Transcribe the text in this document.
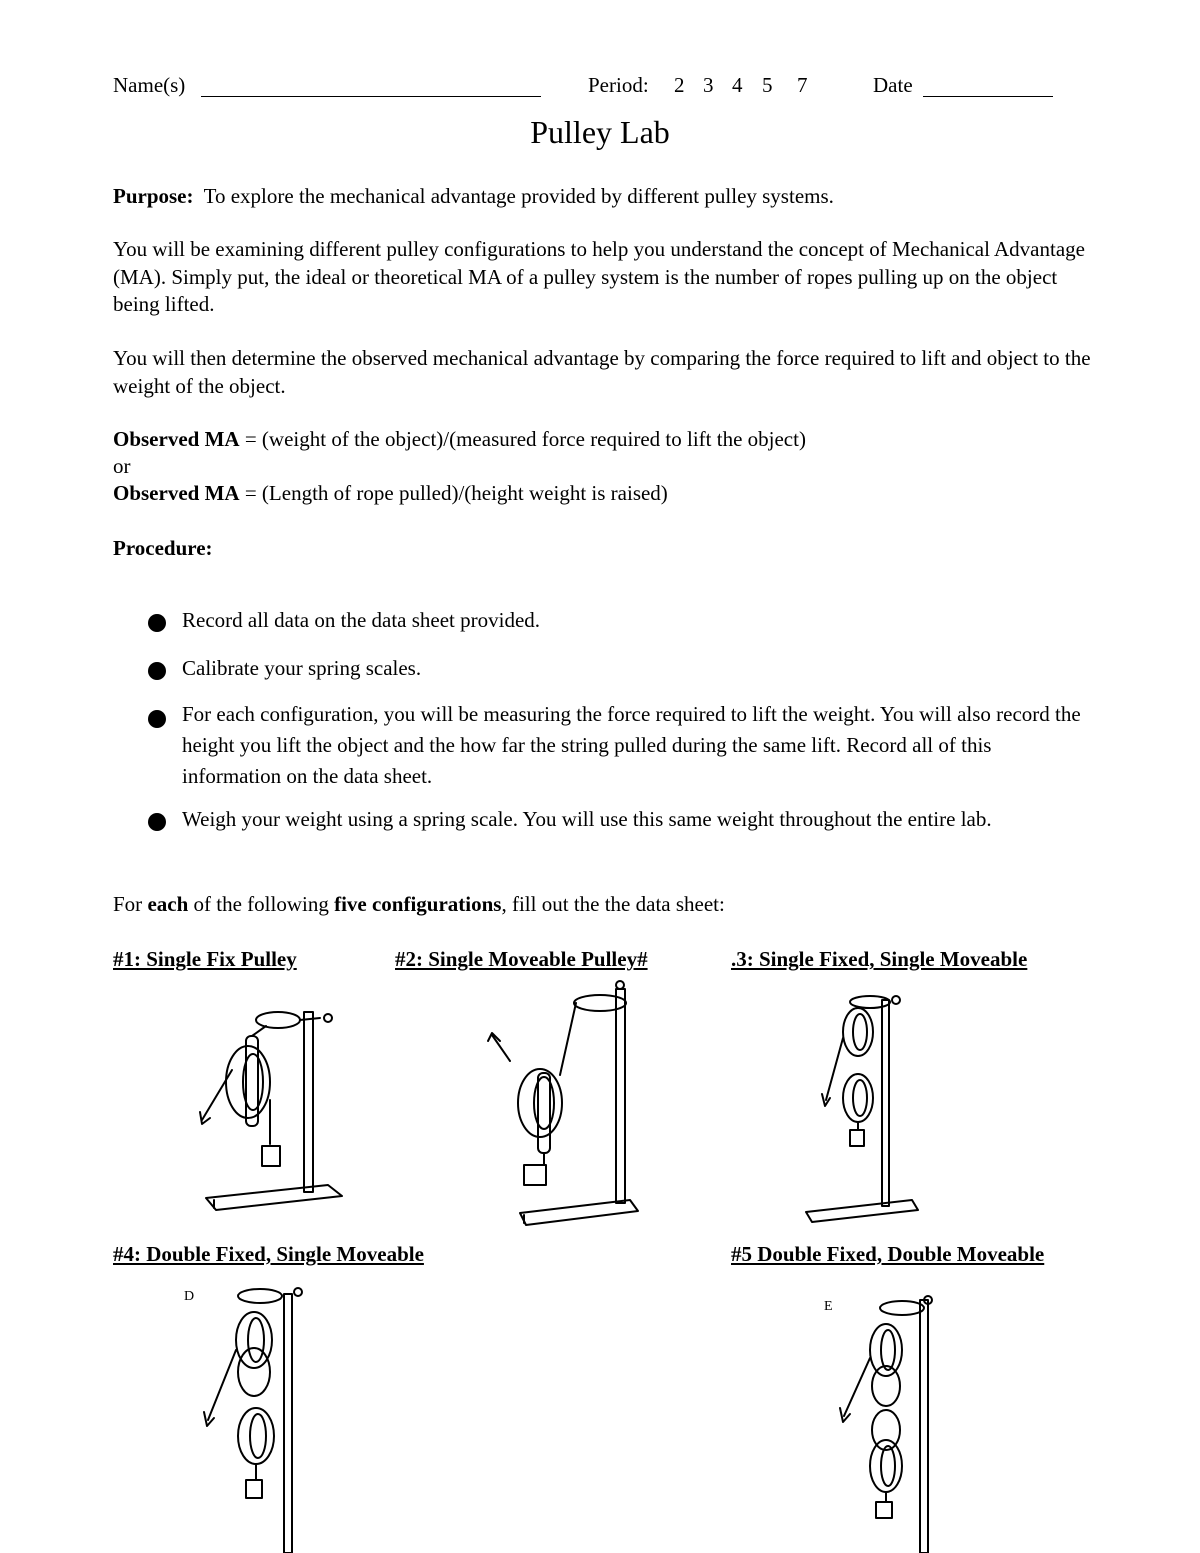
Name(s)	Period: 2 3 4 5 7	Date
Pulley Lab
Purpose: To explore the mechanical advantage provided by different pulley systems.
You will be examining different pulley configurations to help you understand the concept of Mechanical Advantage (MA). Simply put, the ideal or theoretical MA of a pulley system is the number of ropes pulling up on the object being lifted.
You will then determine the observed mechanical advantage by comparing the force required to lift and object to the weight of the object.
Observed MA = (weight of the object)/(measured force required to lift the object)
or
Observed MA = (Length of rope pulled)/(height weight is raised)
Procedure:
Record all data on the data sheet provided.
Calibrate your spring scales.
For each configuration, you will be measuring the force required to lift the weight. You will also record the height you lift the object and the how far the string pulled during the same lift. Record all of this information on the data sheet.
Weigh your weight using a spring scale. You will use this same weight throughout the entire lab.
For each of the following five configurations, fill out the the data sheet:
#1: Single Fix Pulley	#2: Single Moveable Pulley#	.3: Single Fixed, Single Moveable
#4: Double Fixed, Single Moveable	#5 Double Fixed, Double Moveable
D
E
